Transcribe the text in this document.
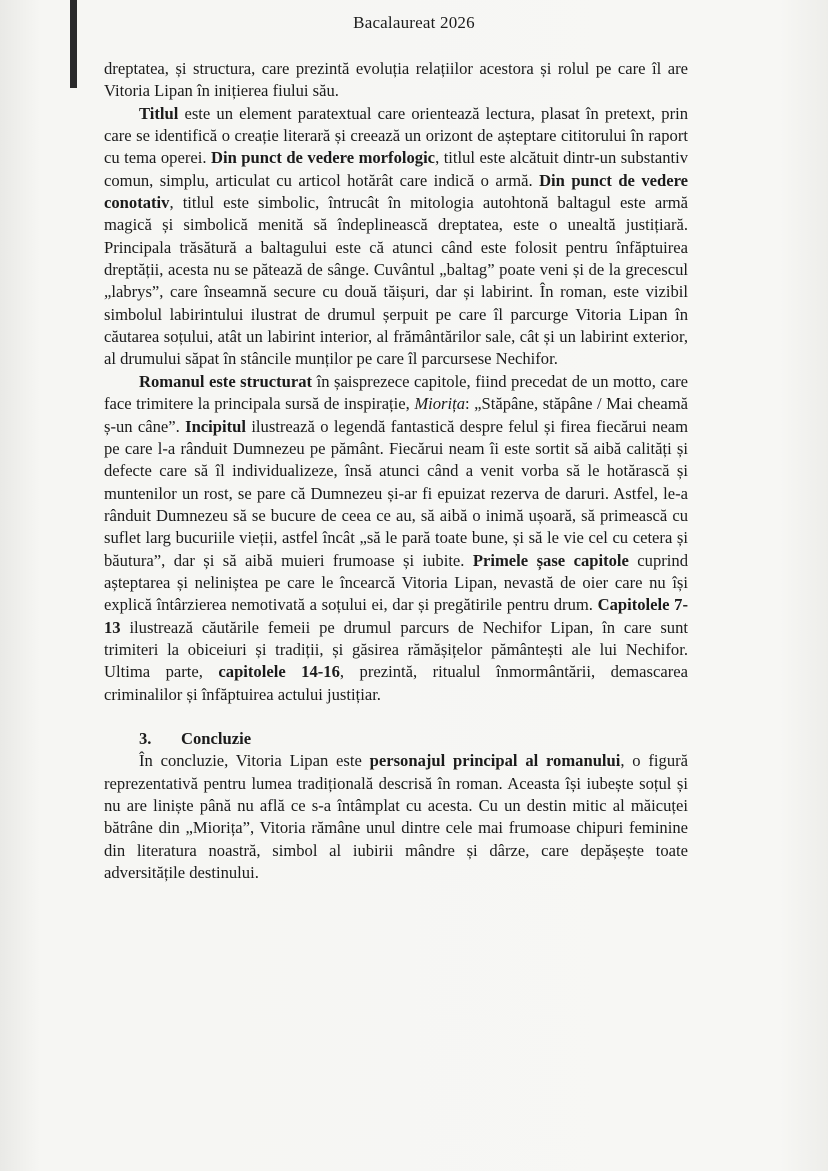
Bacalaureat 2026

dreptatea, și structura, care prezintă evoluția relațiilor acestora și rolul pe care îl are Vitoria Lipan în inițierea fiului său.

Titlul este un element paratextual care orientează lectura, plasat în pretext, prin care se identifică o creație literară și creează un orizont de așteptare cititorului în raport cu tema operei. Din punct de vedere morfologic, titlul este alcătuit dintr-un substantiv comun, simplu, articulat cu articol hotărât care indică o armă. Din punct de vedere conotativ, titlul este simbolic, întrucât în mitologia autohtonă baltagul este armă magică și simbolică menită să îndeplinească dreptatea, este o unealtă justițiară. Principala trăsătură a baltagului este că atunci când este folosit pentru înfăptuirea dreptății, acesta nu se pătează de sânge. Cuvântul „baltag” poate veni și de la grecescul „labrys”, care înseamnă secure cu două tăișuri, dar și labirint. În roman, este vizibil simbolul labirintului ilustrat de drumul șerpuit pe care îl parcurge Vitoria Lipan în căutarea soțului, atât un labirint interior, al frământărilor sale, cât și un labirint exterior, al drumului săpat în stâncile munților pe care îl parcursese Nechifor.

Romanul este structurat în șaisprezece capitole, fiind precedat de un motto, care face trimitere la principala sursă de inspirație, Miorița: „Stăpâne, stăpâne / Mai cheamă ș-un câne”. Incipitul ilustrează o legendă fantastică despre felul și firea fiecărui neam pe care l-a rânduit Dumnezeu pe pământ. Fiecărui neam îi este sortit să aibă calități și defecte care să îl individualizeze, însă atunci când a venit vorba să le hotărască și muntenilor un rost, se pare că Dumnezeu și-ar fi epuizat rezerva de daruri. Astfel, le-a rânduit Dumnezeu să se bucure de ceea ce au, să aibă o inimă ușoară, să primească cu suflet larg bucuriile vieții, astfel încât „să le pară toate bune, și să le vie cel cu cetera și băutura”, dar și să aibă muieri frumoase și iubite. Primele șase capitole cuprind așteptarea și neliniștea pe care le încearcă Vitoria Lipan, nevastă de oier care nu își explică întârzierea nemotivată a soțului ei, dar și pregătirile pentru drum. Capitolele 7-13 ilustrează căutările femeii pe drumul parcurs de Nechifor Lipan, în care sunt trimiteri la obiceiuri și tradiții, și găsirea rămășițelor pământești ale lui Nechifor. Ultima parte, capitolele 14-16, prezintă, ritualul înmormântării, demascarea criminalilor și înfăptuirea actului justițiar.

3. Concluzie

În concluzie, Vitoria Lipan este personajul principal al romanului, o figură reprezentativă pentru lumea tradițională descrisă în roman. Aceasta își iubește soțul și nu are liniște până nu află ce s-a întâmplat cu acesta. Cu un destin mitic al măicuței bătrâne din „Miorița”, Vitoria rămâne unul dintre cele mai frumoase chipuri feminine din literatura noastră, simbol al iubirii mândre și dârze, care depășește toate adversitățile destinului.
